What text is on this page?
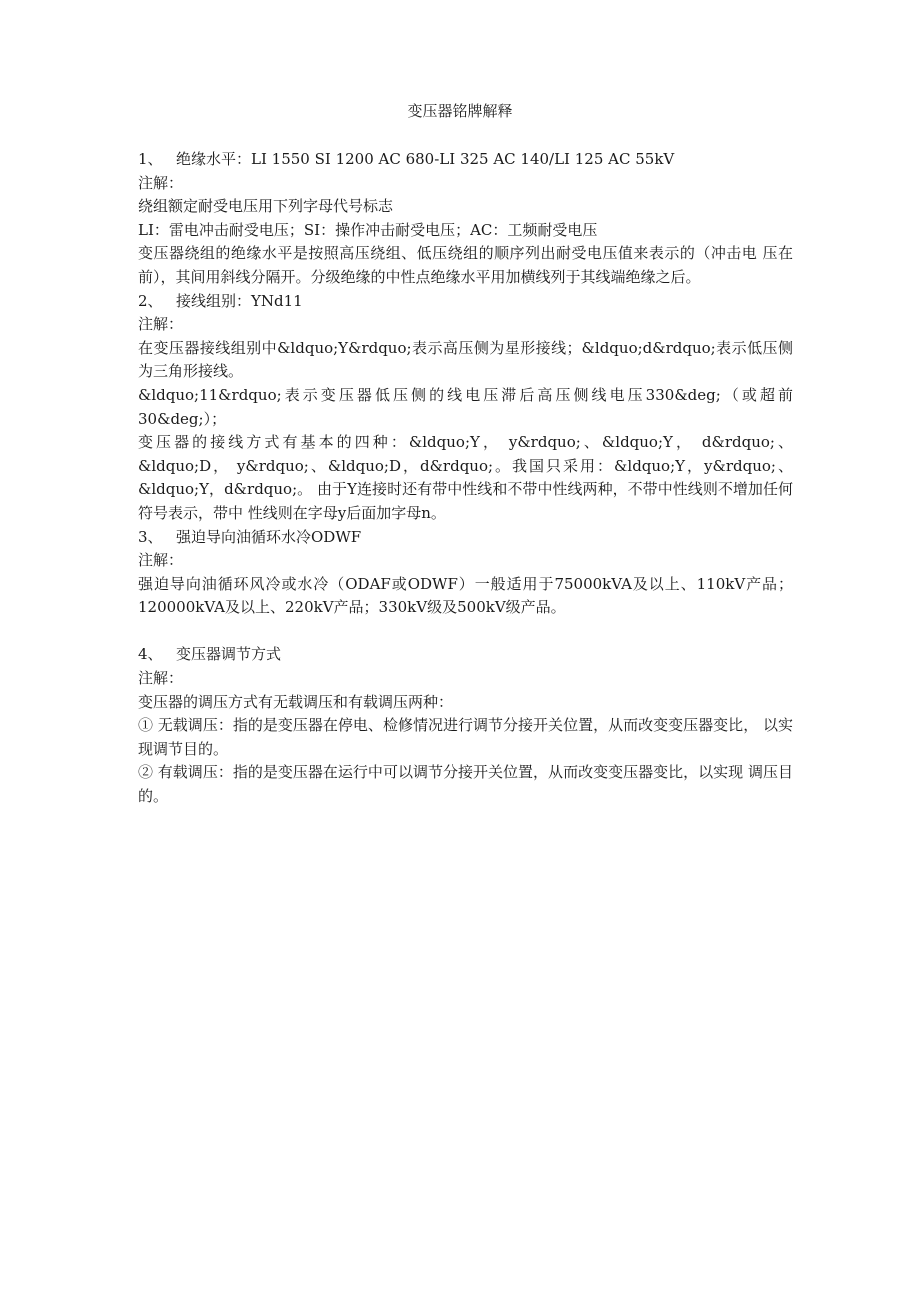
变压器铭牌解释
1、 绝缘水平：LI 1550 SI 1200 AC 680-LI 325 AC 140/LI 125 AC 55kV
注解：
绕组额定耐受电压用下列字母代号标志
LI：雷电冲击耐受电压；SI：操作冲击耐受电压；AC：工频耐受电压
变压器绕组的绝缘水平是按照高压绕组、低压绕组的顺序列出耐受电压值来表示的（冲击电 压在前），其间用斜线分隔开。分级绝缘的中性点绝缘水平用加横线列于其线端绝缘之后。
2、 接线组别：YNd11
注解：
在变压器接线组别中&ldquo;Y&rdquo;表示高压侧为星形接线；&ldquo;d&rdquo;表示低压侧为三角形接线。
&ldquo;11&rdquo;表示变压器低压侧的线电压滞后高压侧线电压330&deg;（或超前 30&deg;）；
变压器的接线方式有基本的四种：&ldquo;Y， y&rdquo;、&ldquo;Y， d&rdquo;、&ldquo;D， y&rdquo;、&ldquo;D，d&rdquo;。我国只采用：&ldquo;Y，y&rdquo;、&ldquo;Y，d&rdquo;。 由于Y连接时还有带中性线和不带中性线两种，不带中性线则不增加任何符号表示，带中 性线则在字母y后面加字母n。
3、 强迫导向油循环水冷ODWF
注解：
强迫导向油循环风冷或水冷（ODAF或ODWF）一般适用于75000kVA及以上、110kV产品；120000kVA及以上、220kV产品；330kV级及500kV级产品。
4、 变压器调节方式
注解：
变压器的调压方式有无载调压和有载调压两种：
① 无载调压：指的是变压器在停电、检修情况进行调节分接开关位置，从而改变变压器变比， 以实现调节目的。
② 有载调压：指的是变压器在运行中可以调节分接开关位置，从而改变变压器变比，以实现 调压目的。
